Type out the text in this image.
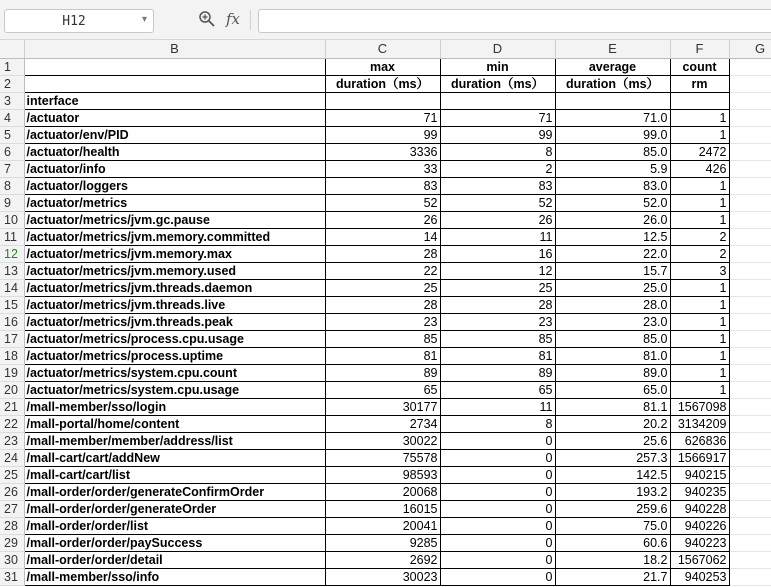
H12	▾	fx
	B	C	D	E	F	G
1		max	min	average	count	
2		duration（ms）	duration（ms）	duration（ms）	rm	
3	interface					
4	/actuator	71	71	71.0	1	
5	/actuator/env/PID	99	99	99.0	1	
6	/actuator/health	3336	8	85.0	2472	
7	/actuator/info	33	2	5.9	426	
8	/actuator/loggers	83	83	83.0	1	
9	/actuator/metrics	52	52	52.0	1	
10	/actuator/metrics/jvm.gc.pause	26	26	26.0	1	
11	/actuator/metrics/jvm.memory.committed	14	11	12.5	2	
12	/actuator/metrics/jvm.memory.max	28	16	22.0	2	
13	/actuator/metrics/jvm.memory.used	22	12	15.7	3	
14	/actuator/metrics/jvm.threads.daemon	25	25	25.0	1	
15	/actuator/metrics/jvm.threads.live	28	28	28.0	1	
16	/actuator/metrics/jvm.threads.peak	23	23	23.0	1	
17	/actuator/metrics/process.cpu.usage	85	85	85.0	1	
18	/actuator/metrics/process.uptime	81	81	81.0	1	
19	/actuator/metrics/system.cpu.count	89	89	89.0	1	
20	/actuator/metrics/system.cpu.usage	65	65	65.0	1	
21	/mall-member/sso/login	30177	11	81.1	1567098	
22	/mall-portal/home/content	2734	8	20.2	3134209	
23	/mall-member/member/address/list	30022	0	25.6	626836	
24	/mall-cart/cart/addNew	75578	0	257.3	1566917	
25	/mall-cart/cart/list	98593	0	142.5	940215	
26	/mall-order/order/generateConfirmOrder	20068	0	193.2	940235	
27	/mall-order/order/generateOrder	16015	0	259.6	940228	
28	/mall-order/order/list	20041	0	75.0	940226	
29	/mall-order/order/paySuccess	9285	0	60.6	940223	
30	/mall-order/order/detail	2692	0	18.2	1567062	
31	/mall-member/sso/info	30023	0	21.7	940253	
